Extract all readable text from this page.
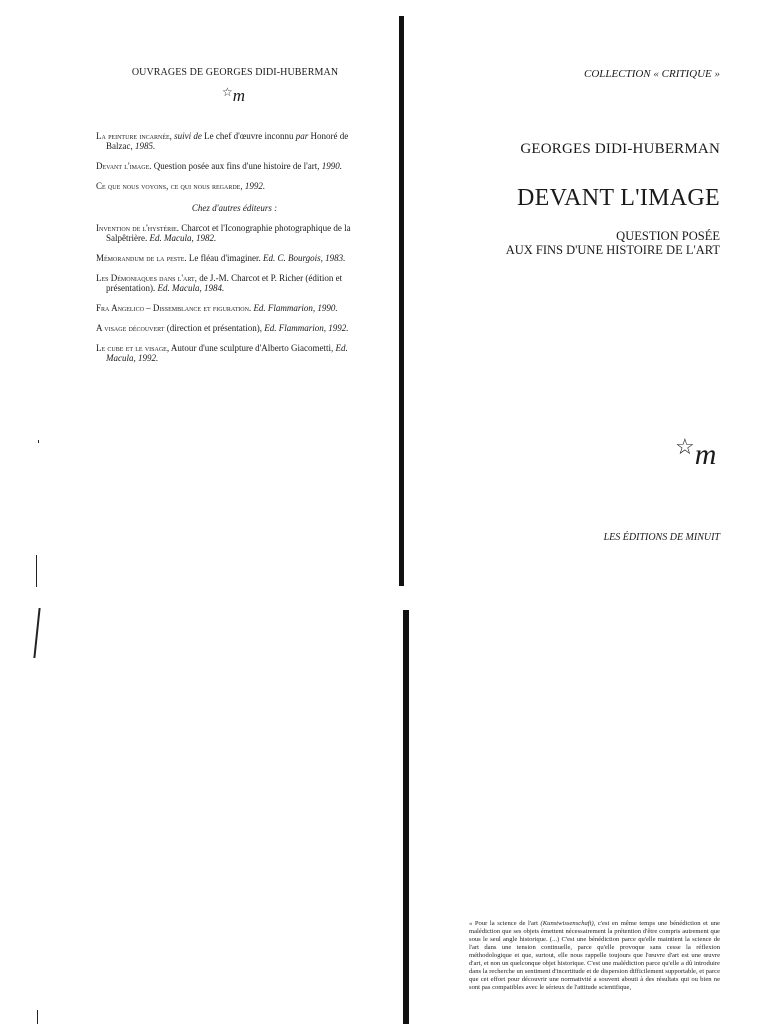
OUVRAGES DE GEORGES DIDI-HUBERMAN
☆m
La peinture incarnée, suivi de Le chef d'œuvre inconnu par Honoré de Balzac, 1985.
Devant l'image. Question posée aux fins d'une histoire de l'art, 1990.
Ce que nous voyons, ce qui nous regarde, 1992.
Chez d'autres éditeurs :
Invention de l'hystérie. Charcot et l'Iconographie photographique de la Salpêtrière. Ed. Macula, 1982.
Mémorandum de la peste. Le fléau d'imaginer. Ed. C. Bourgois, 1983.
Les Démoniaques dans l'art, de J.-M. Charcot et P. Richer (édition et présentation). Ed. Macula, 1984.
Fra Angelico – Dissemblance et figuration. Ed. Flammarion, 1990.
A visage découvert (direction et présentation), Ed. Flammarion, 1992.
Le cube et le visage, Autour d'une sculpture d'Alberto Giacometti, Ed. Macula, 1992.
COLLECTION « CRITIQUE »
GEORGES DIDI-HUBERMAN
DEVANT L'IMAGE
QUESTION POSÉE
AUX FINS D'UNE HISTOIRE DE L'ART
☆m
LES ÉDITIONS DE MINUIT
« Pour la science de l'art (Kunstwissenschaft), c'est en même temps une bénédiction et une malédiction que ses objets émettent nécessairement la prétention d'être compris autrement que sous le seul angle historique. (...) C'est une bénédiction parce qu'elle maintient la science de l'art dans une tension continuelle, parce qu'elle provoque sans cesse la réflexion méthodologique et que, surtout, elle nous rappelle toujours que l'œuvre d'art est une œuvre d'art, et non un quelconque objet historique. C'est une malédiction parce qu'elle a dû introduire dans la recherche un sentiment d'incertitude et de dispersion difficilement supportable, et parce que cet effort pour découvrir une normativité a souvent abouti à des résultats qui ou bien ne sont pas compatibles avec le sérieux de l'attitude scientifique,
